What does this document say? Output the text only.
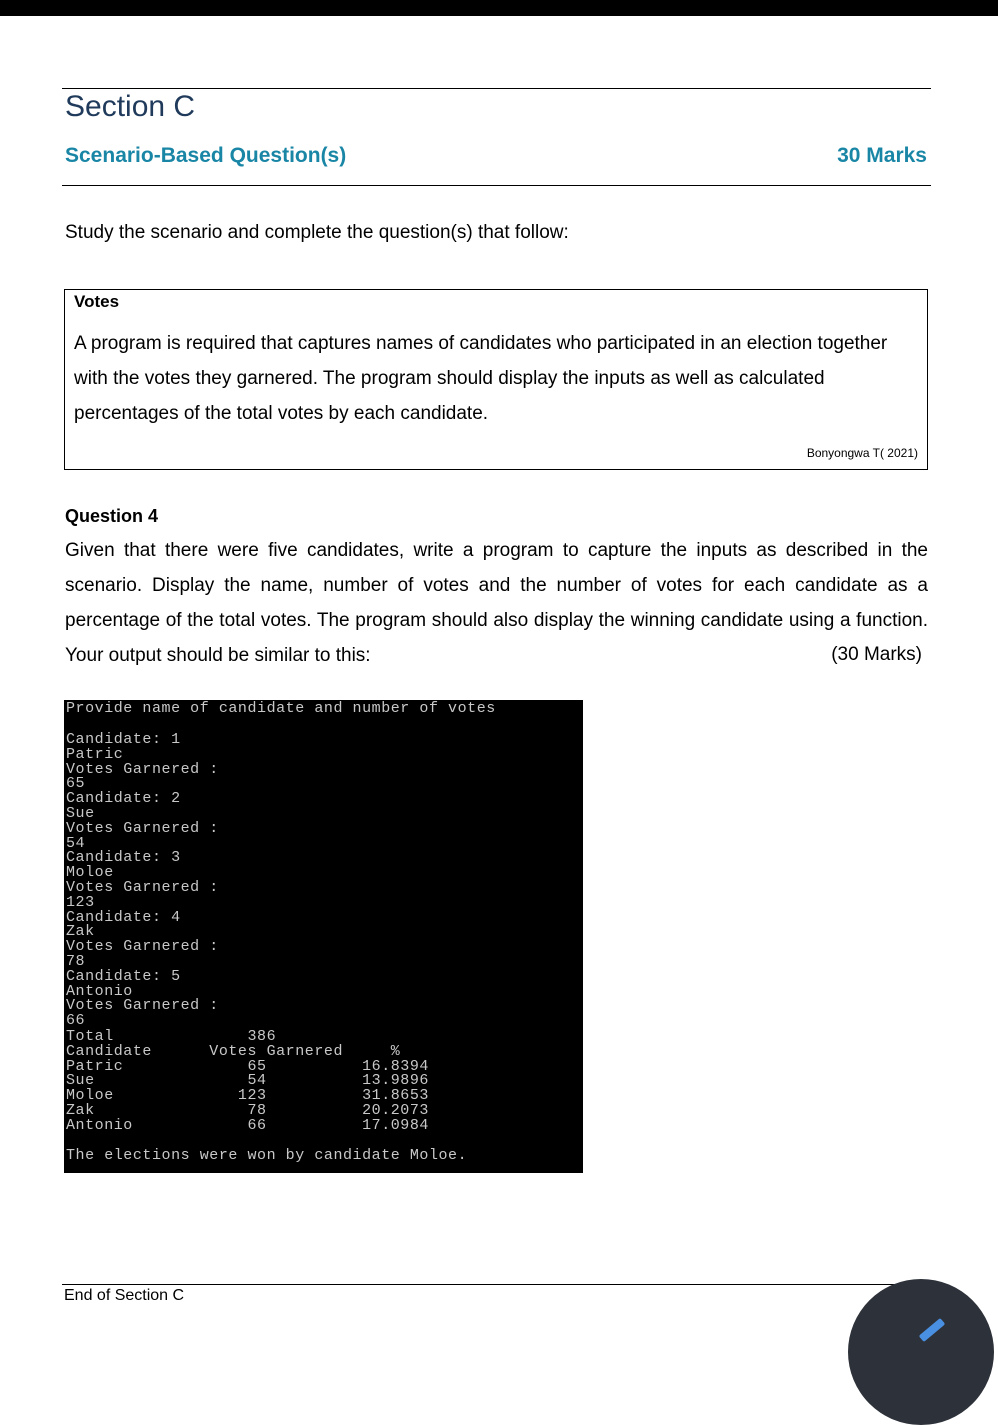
Section C
Scenario-Based Question(s)	30 Marks
Study the scenario and complete the question(s) that follow:
Votes
A program is required that captures names of candidates who participated in an election together with the votes they garnered. The program should display the inputs as well as calculated percentages of the total votes by each candidate.
Bonyongwa T( 2021)
Question 4
Given that there were five candidates, write a program to capture the inputs as described in the scenario. Display the name, number of votes and the number of votes for each candidate as a percentage of the total votes. The program should also display the winning candidate using a function. Your output should be similar to this:	(30 Marks)
Provide name of candidate and number of votes
Candidate: 1
Patric
Votes Garnered :
65
Candidate: 2
Sue
Votes Garnered :
54
Candidate: 3
Moloe
Votes Garnered :
123
Candidate: 4
Zak
Votes Garnered :
78
Candidate: 5
Antonio
Votes Garnered :
66
Total              386
Candidate      Votes Garnered     %
Patric             65          16.8394
Sue                54          13.9896
Moloe             123          31.8653
Zak                78          20.2073
Antonio            66          17.0984
The elections were won by candidate Moloe.
End of Section C
